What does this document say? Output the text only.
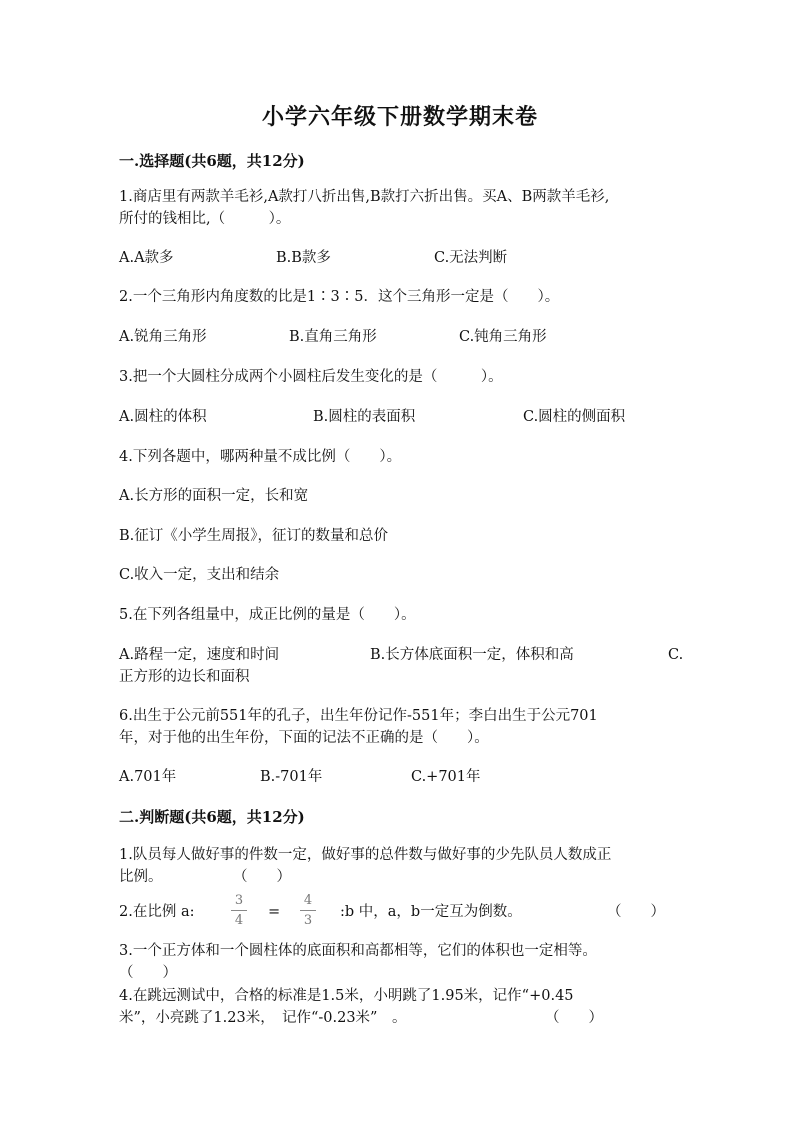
小学六年级下册数学期末卷
一.选择题(共6题，共12分)
1.商店里有两款羊毛衫,A款打八折出售,B款打六折出售。买A、B两款羊毛衫,
所付的钱相比,（　　　）。
A.A款多	B.B款多	C.无法判断
2.一个三角形内角度数的比是1∶3∶5．这个三角形一定是（　　）。
A.锐角三角形	B.直角三角形	C.钝角三角形
3.把一个大圆柱分成两个小圆柱后发生变化的是（　　　）。
A.圆柱的体积	B.圆柱的表面积	C.圆柱的侧面积
4.下列各题中，哪两种量不成比例（　　）。
A.长方形的面积一定，长和宽
B.征订《小学生周报》，征订的数量和总价
C.收入一定，支出和结余
5.在下列各组量中，成正比例的量是（　　）。
A.路程一定，速度和时间	B.长方体底面积一定，体积和高	C.
正方形的边长和面积
6.出生于公元前551年的孔子，出生年份记作-551年；李白出生于公元701
年，对于他的出生年份，下面的记法不正确的是（　　）。
A.701年	B.-701年	C.+701年
二.判断题(共6题，共12分)
1.队员每人做好事的件数一定，做好事的总件数与做好事的少先队员人数成正
比例。	（　　）
2.在比例 a:
3
4
=
4
3
:b 中，a，b一定互为倒数。	（　　）
3.一个正方体和一个圆柱体的底面积和高都相等，它们的体积也一定相等。
（　　）
4.在跳远测试中，合格的标准是1.5米，小明跳了1.95米，记作“+0.45
米”，小亮跳了1.23米，　记作“-0.23米”　。	（　　）
